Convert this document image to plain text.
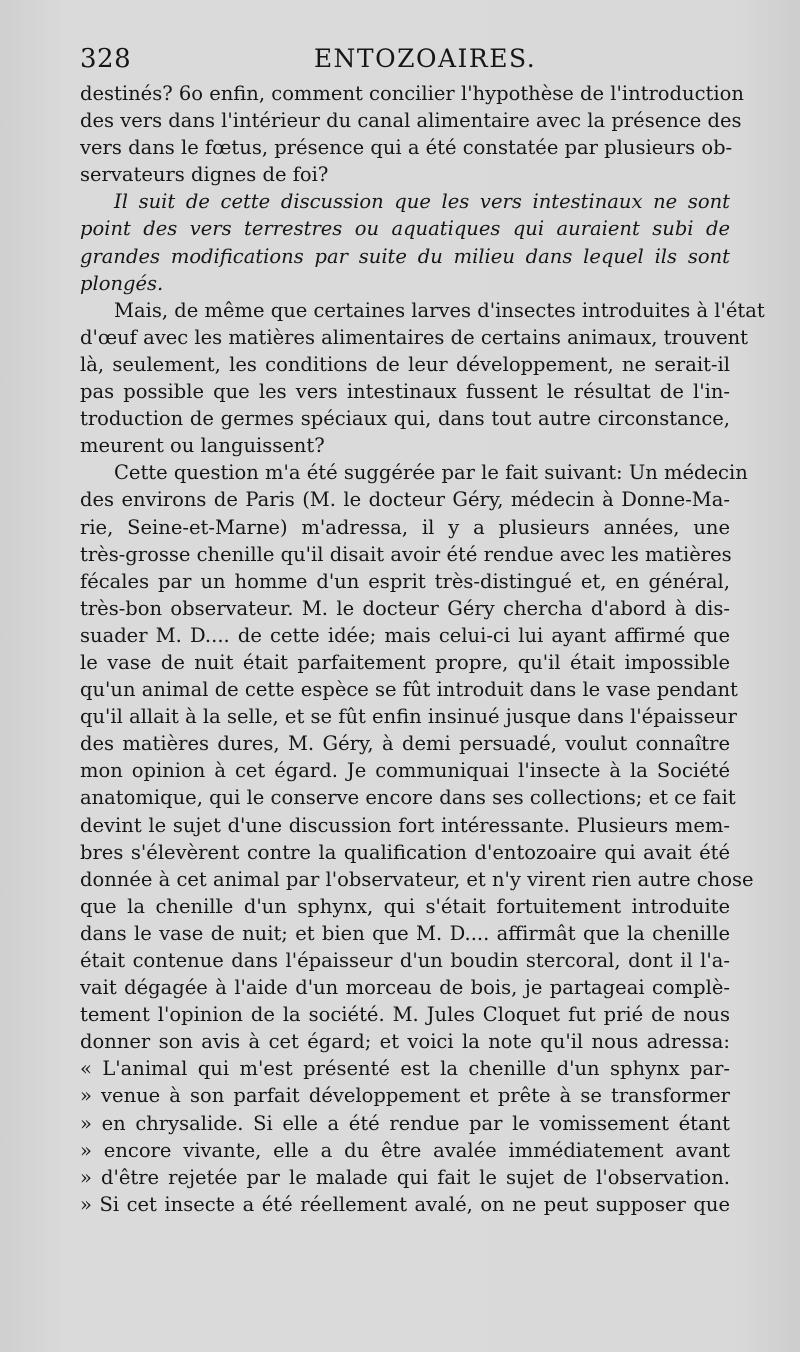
328	ENTOZOAIRES.
destinés? 6o enfin, comment concilier l'hypothèse de l'introduction
des vers dans l'intérieur du canal alimentaire avec la présence des
vers dans le fœtus, présence qui a été constatée par plusieurs ob-
servateurs dignes de foi?
Il suit de cette discussion que les vers intestinaux ne sont
point des vers terrestres ou aquatiques qui auraient subi de
grandes modifications par suite du milieu dans lequel ils sont
plongés.
Mais, de même que certaines larves d'insectes introduites à l'état
d'œuf avec les matières alimentaires de certains animaux, trouvent
là, seulement, les conditions de leur développement, ne serait-il
pas possible que les vers intestinaux fussent le résultat de l'in-
troduction de germes spéciaux qui, dans tout autre circonstance,
meurent ou languissent?
Cette question m'a été suggérée par le fait suivant: Un médecin
des environs de Paris (M. le docteur Géry, médecin à Donne-Ma-
rie, Seine-et-Marne) m'adressa, il y a plusieurs années, une
très-grosse chenille qu'il disait avoir été rendue avec les matières
fécales par un homme d'un esprit très-distingué et, en général,
très-bon observateur. M. le docteur Géry chercha d'abord à dis-
suader M. D.... de cette idée; mais celui-ci lui ayant affirmé que
le vase de nuit était parfaitement propre, qu'il était impossible
qu'un animal de cette espèce se fût introduit dans le vase pendant
qu'il allait à la selle, et se fût enfin insinué jusque dans l'épaisseur
des matières dures, M. Géry, à demi persuadé, voulut connaître
mon opinion à cet égard. Je communiquai l'insecte à la Société
anatomique, qui le conserve encore dans ses collections; et ce fait
devint le sujet d'une discussion fort intéressante. Plusieurs mem-
bres s'élevèrent contre la qualification d'entozoaire qui avait été
donnée à cet animal par l'observateur, et n'y virent rien autre chose
que la chenille d'un sphynx, qui s'était fortuitement introduite
dans le vase de nuit; et bien que M. D.... affirmât que la chenille
était contenue dans l'épaisseur d'un boudin stercoral, dont il l'a-
vait dégagée à l'aide d'un morceau de bois, je partageai complè-
tement l'opinion de la société. M. Jules Cloquet fut prié de nous
donner son avis à cet égard; et voici la note qu'il nous adressa:
« L'animal qui m'est présenté est la chenille d'un sphynx par-
» venue à son parfait développement et prête à se transformer
» en chrysalide. Si elle a été rendue par le vomissement étant
» encore vivante, elle a du être avalée immédiatement avant
» d'être rejetée par le malade qui fait le sujet de l'observation.
» Si cet insecte a été réellement avalé, on ne peut supposer que
